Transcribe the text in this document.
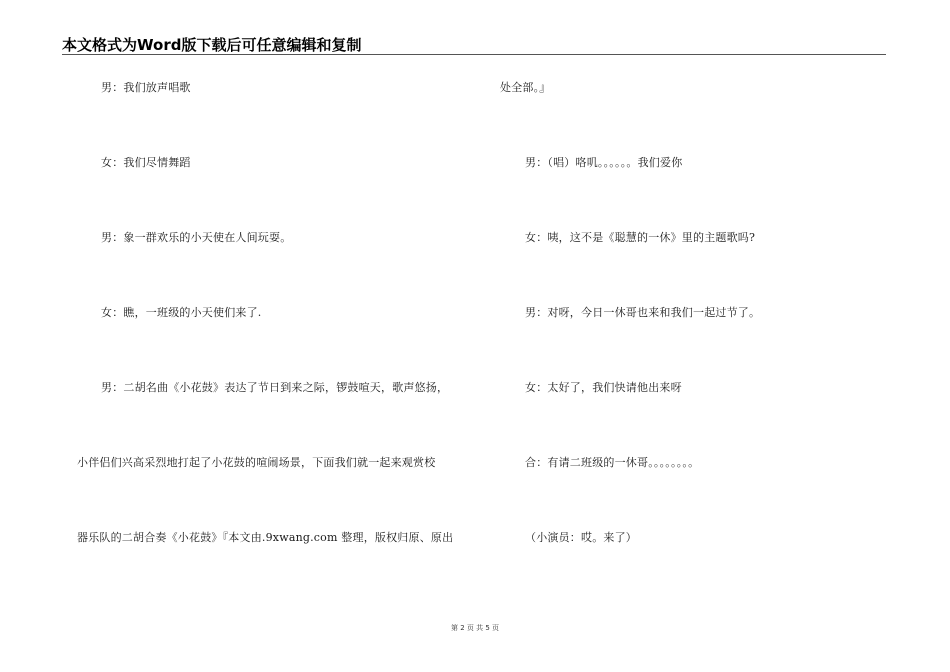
本文格式为Word版下载后可任意编辑和复制
男：我们放声唱歌
女：我们尽情舞蹈
男：象一群欢乐的小天使在人间玩耍。
女：瞧，一班级的小天使们来了.
男：二胡名曲《小花鼓》表达了节日到来之际，锣鼓喧天，歌声悠扬，
小伴侣们兴高采烈地打起了小花鼓的喧闹场景，下面我们就一起来观赏校
器乐队的二胡合奏《小花鼓》『本文由.9xwang.com 整理，版权归原、原出
处全部。』
男：（唱）咯叽。。。。。。我们爱你
女：咦，这不是《聪慧的一休》里的主题歌吗?
男：对呀，今日一休哥也来和我们一起过节了。
女：太好了，我们快请他出来呀
合：有请二班级的一休哥。。。。。。。。
（小演员：哎。来了）
第 2 页 共 5 页
